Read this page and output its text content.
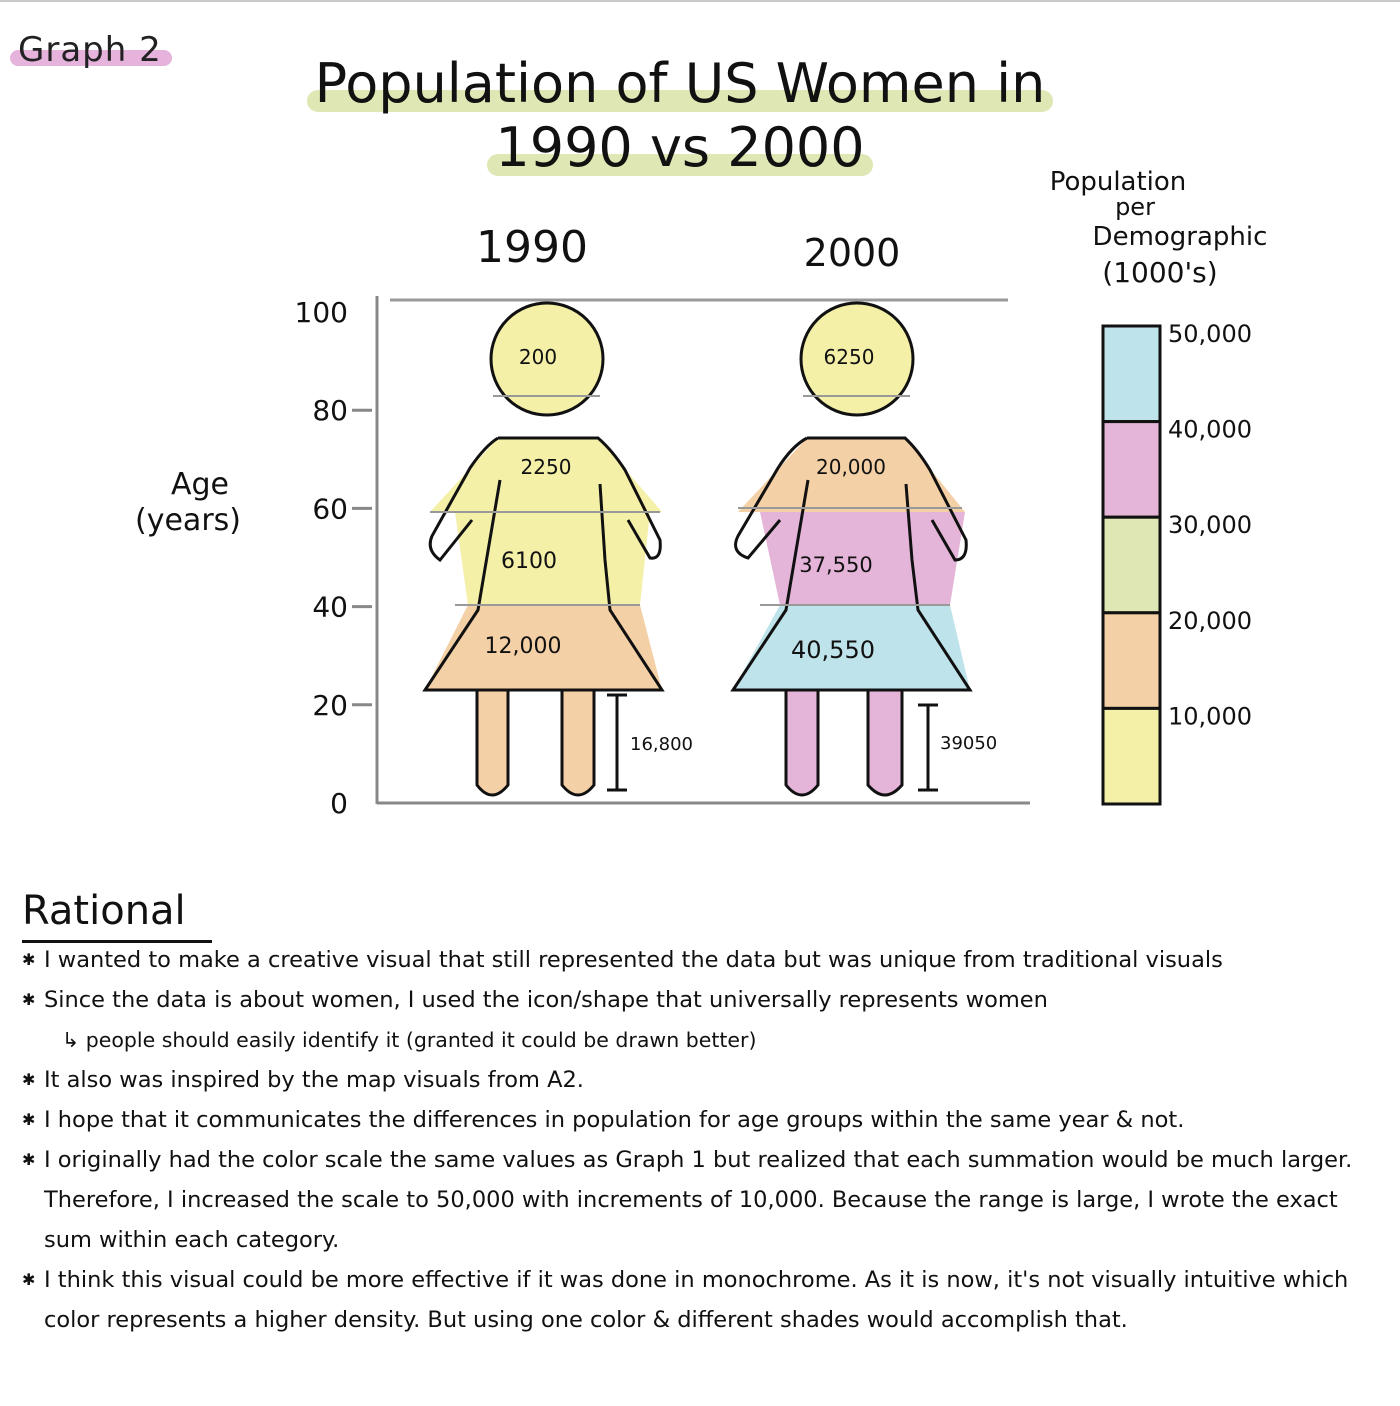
Graph 2
Population of US Women in
1990 vs 2000
0
20
40
60
80
100
Age
(years)
1990
200
2250
6100
12,000
16,800
2000
6250
20,000
37,550
40,550
39050
Population
per
Demographic
(1000's)
50,000
40,000
30,000
20,000
10,000
Rational
✱ I wanted to make a creative visual that still represented the data but was unique from traditional visuals
✱ Since the data is about women, I used the icon/shape that universally represents women
↳ people should easily identify it (granted it could be drawn better)
✱ It also was inspired by the map visuals from A2.
✱ I hope that it communicates the differences in population for age groups within the same year & not.
✱ I originally had the color scale the same values as Graph 1 but realized that each summation would be much larger. Therefore, I increased the scale to 50,000 with increments of 10,000. Because the range is large, I wrote the exact sum within each category.
✱ I think this visual could be more effective if it was done in monochrome. As it is now, it's not visually intuitive which color represents a higher density. But using one color & different shades would accomplish that.
